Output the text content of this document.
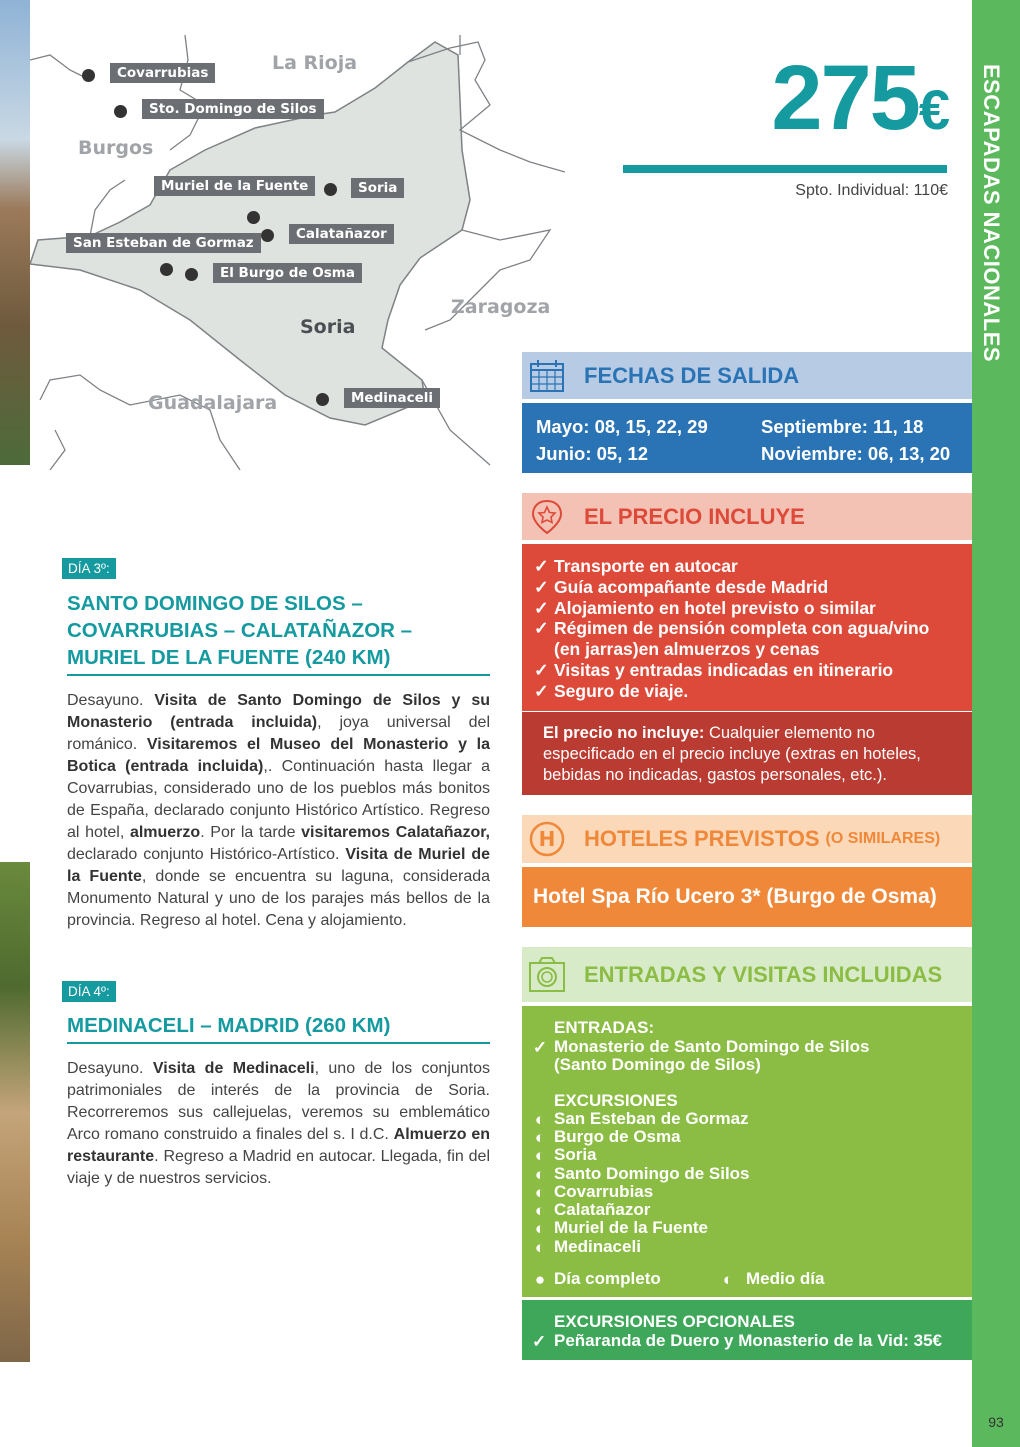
La Rioja
Burgos
Zaragoza
Soria
Guadalajara
Covarrubias
Sto. Domingo de Silos
Muriel de la Fuente	Soria
Calatañazor
San Esteban de Gormaz
El Burgo de Osma
Medinaceli
275€
Spto. Individual: 110€ ESCAPADAS NACIONALES
93
FECHAS DE SALIDA
Mayo: 08, 15, 22, 29
Junio: 05, 12
Septiembre: 11, 18
Noviembre: 06, 13, 20
EL PRECIO INCLUYE
✓ Transporte en autocar
✓ Guía acompañante desde Madrid
✓ Alojamiento en hotel previsto o similar
✓ Régimen de pensión completa con agua/vino
(en jarras)en almuerzos y cenas
✓ Visitas y entradas indicadas en itinerario
✓ Seguro de viaje.
El precio no incluye: Cualquier elemento no especificado en el precio incluye (extras en hoteles, bebidas no indicadas, gastos personales, etc.).
H HOTELES PREVISTOS (O SIMILARES)
Hotel Spa Río Ucero 3* (Burgo de Osma)
ENTRADAS Y VISITAS INCLUIDAS
ENTRADAS:
✓ Monasterio de Santo Domingo de Silos
(Santo Domingo de Silos)
EXCURSIONES
◐ San Esteban de Gormaz
◐ Burgo de Osma
◐ Soria
◐ Santo Domingo de Silos
◐ Covarrubias
◐ Calatañazor
◐ Muriel de la Fuente
◐ Medinaceli
● Día completo	◐ Medio día
EXCURSIONES OPCIONALES
✓ Peñaranda de Duero y Monasterio de la Vid: 35€
DÍA 3º:
SANTO DOMINGO DE SILOS – COVARRUBIAS – CALATAÑAZOR – MURIEL DE LA FUENTE (240 KM)
Desayuno. Visita de Santo Domingo de Silos y su Monasterio (entrada incluida), joya universal del románico. Visitaremos el Museo del Monasterio y la Botica (entrada incluida),. Continuación hasta llegar a Covarrubias, considerado uno de los pueblos más bonitos de España, declarado conjunto Histórico Artístico. Regreso al hotel, almuerzo. Por la tarde visitaremos Calatañazor, declarado conjunto Histórico-Artístico. Visita de Muriel de la Fuente, donde se encuentra su laguna, considerada Monumento Natural y uno de los parajes más bellos de la provincia. Regreso al hotel. Cena y alojamiento.
DÍA 4º:
MEDINACELI – MADRID (260 KM)
Desayuno. Visita de Medinaceli, uno de los conjuntos patrimoniales de interés de la provincia de Soria. Recorreremos sus callejuelas, veremos su emblemático Arco romano construido a finales del s. I d.C. Almuerzo en restaurante. Regreso a Madrid en autocar. Llegada, fin del viaje y de nuestros servicios.
